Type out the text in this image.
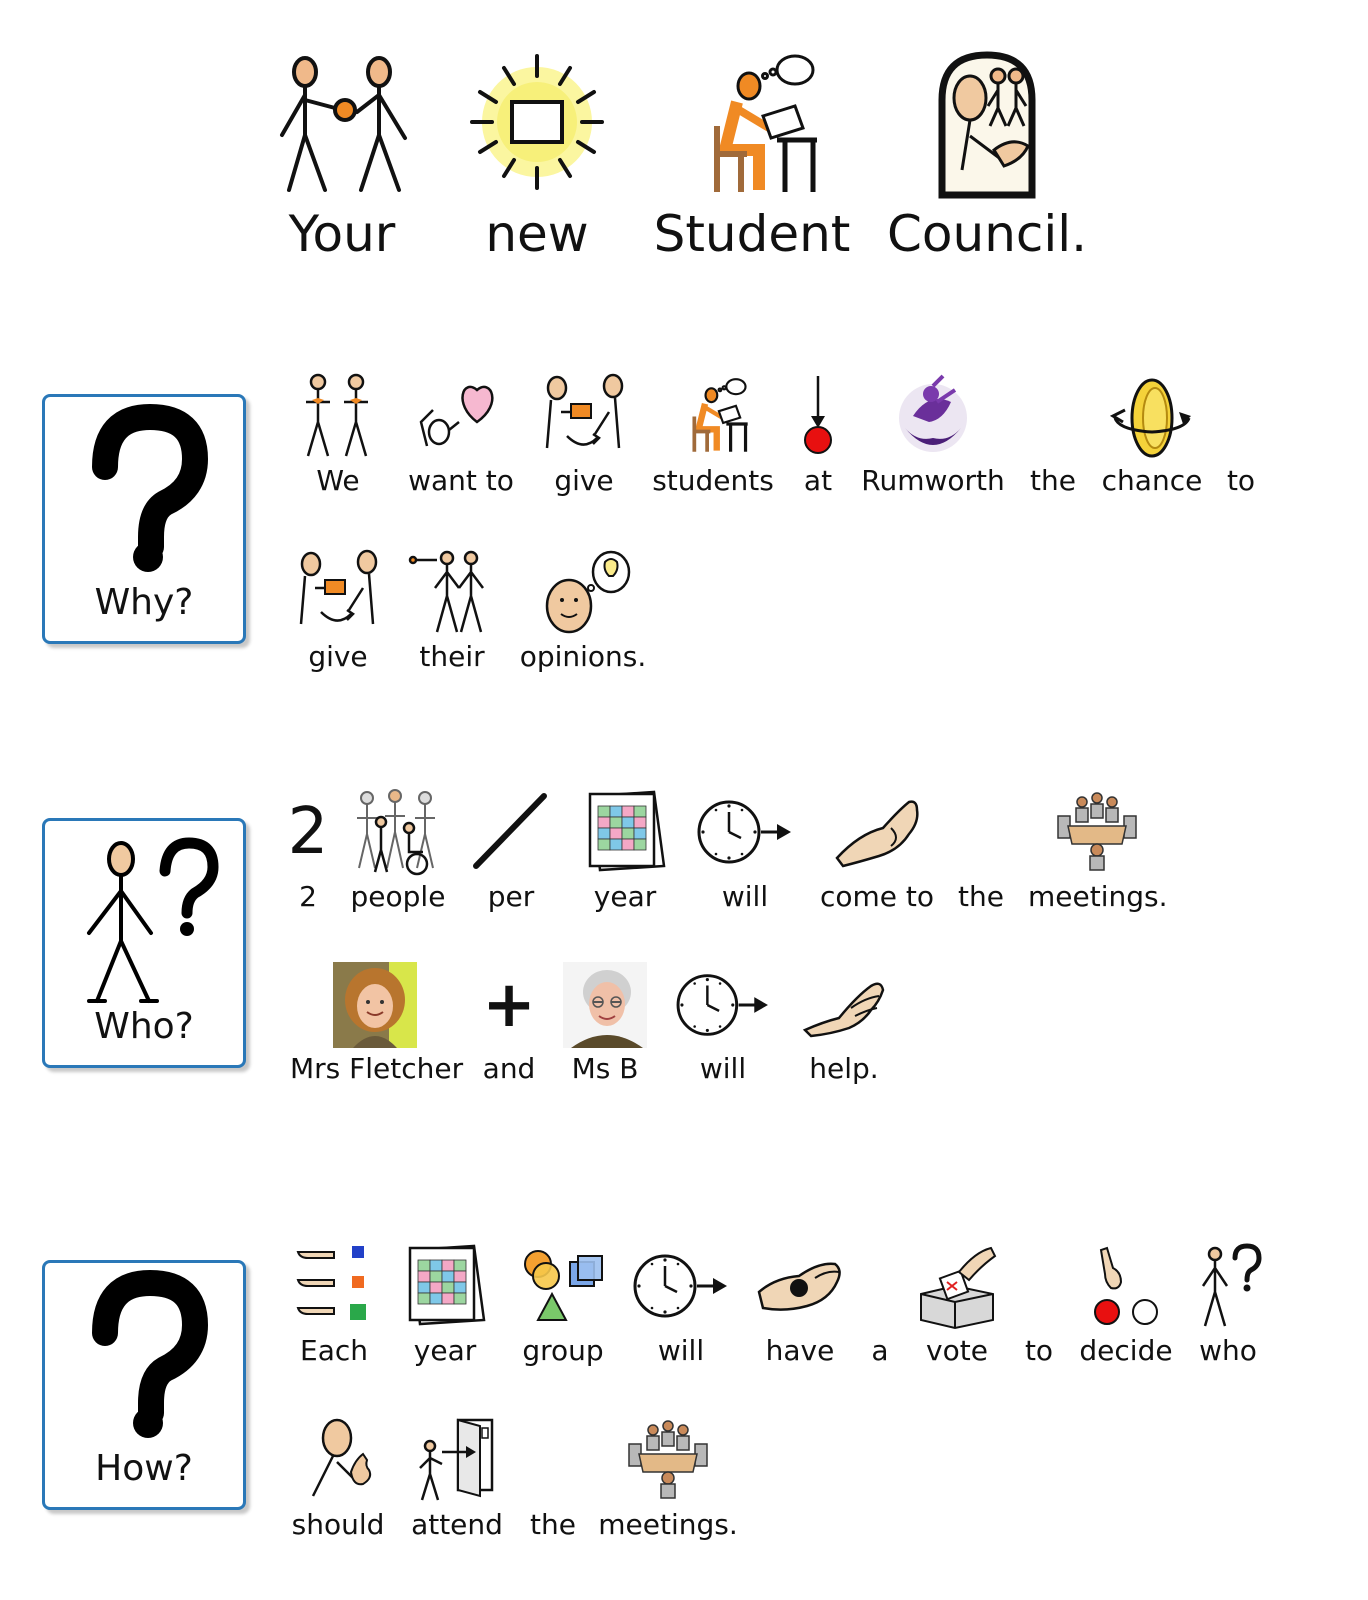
Your	new	Student Council.
Why?
We	want to	give	students	at	Rumworth the chance to
give	their	opinions.
Who?
2
2	people	per	year	will	come to the meetings.
Mrs Fletcher
+
and	Ms B	will	help.
How?
Each	year	group	will	have	a	vote	to decide who
should attend the meetings.
